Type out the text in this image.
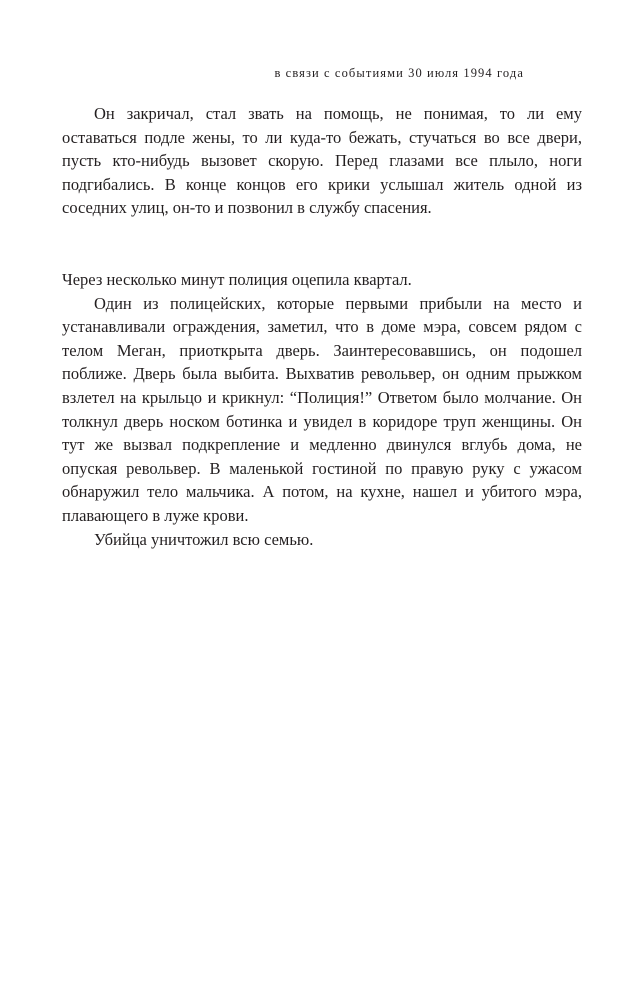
в связи с событиями 30 июля 1994 года

Он закричал, стал звать на помощь, не понимая, то ли ему оставаться подле жены, то ли куда-то бежать, стучаться во все двери, пусть кто-нибудь вызовет скорую. Перед глазами все плыло, ноги подгибались. В конце концов его крики услышал житель одной из соседних улиц, он-то и позвонил в службу спасения.

Через несколько минут полиция оцепила квартал.

Один из полицейских, которые первыми прибыли на место и устанавливали ограждения, заметил, что в доме мэра, совсем рядом с телом Меган, приоткрыта дверь. Заинтересовавшись, он подошел поближе. Дверь была выбита. Выхватив револьвер, он одним прыжком взлетел на крыльцо и крикнул: “Полиция!” Ответом было молчание. Он толкнул дверь носком ботинка и увидел в коридоре труп женщины. Он тут же вызвал подкрепление и медленно двинулся вглубь дома, не опуская револьвер. В маленькой гостиной по правую руку с ужасом обнаружил тело мальчика. А потом, на кухне, нашел и убитого мэра, плавающего в луже крови.

Убийца уничтожил всю семью.
